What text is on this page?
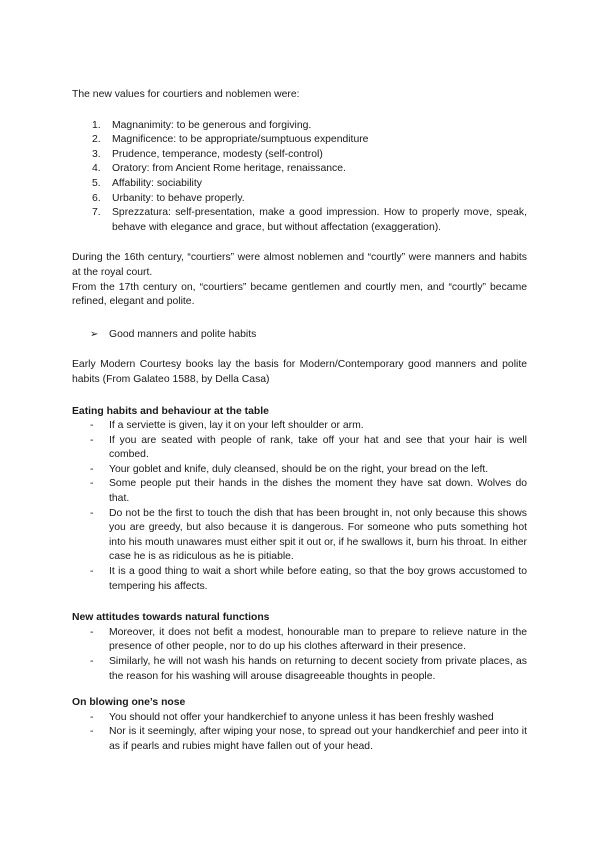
The new values for courtiers and noblemen were:

1. Magnanimity: to be generous and forgiving.
2. Magnificence: to be appropriate/sumptuous expenditure
3. Prudence, temperance, modesty (self-control)
4. Oratory: from Ancient Rome heritage, renaissance.
5. Affability: sociability
6. Urbanity: to behave properly.
7. Sprezzatura: self-presentation, make a good impression. How to properly move, speak, behave with elegance and grace, but without affectation (exaggeration).

During the 16th century, “courtiers” were almost noblemen and “courtly” were manners and habits at the royal court.

From the 17th century on, “courtiers” became gentlemen and courtly men, and “courtly” became refined, elegant and polite.

➢ Good manners and polite habits

Early Modern Courtesy books lay the basis for Modern/Contemporary good manners and polite habits (From Galateo 1588, by Della Casa)

Eating habits and behaviour at the table
- If a serviette is given, lay it on your left shoulder or arm.
- If you are seated with people of rank, take off your hat and see that your hair is well combed.
- Your goblet and knife, duly cleansed, should be on the right, your bread on the left.
- Some people put their hands in the dishes the moment they have sat down. Wolves do that.
- Do not be the first to touch the dish that has been brought in, not only because this shows you are greedy, but also because it is dangerous. For someone who puts something hot into his mouth unawares must either spit it out or, if he swallows it, burn his throat. In either case he is as ridiculous as he is pitiable.
- It is a good thing to wait a short while before eating, so that the boy grows accustomed to tempering his affects.
New attitudes towards natural functions
- Moreover, it does not befit a modest, honourable man to prepare to relieve nature in the presence of other people, nor to do up his clothes afterward in their presence.
- Similarly, he will not wash his hands on returning to decent society from private places, as the reason for his washing will arouse disagreeable thoughts in people.
On blowing one’s nose
- You should not offer your handkerchief to anyone unless it has been freshly washed
- Nor is it seemingly, after wiping your nose, to spread out your handkerchief and peer into it as if pearls and rubies might have fallen out of your head.
